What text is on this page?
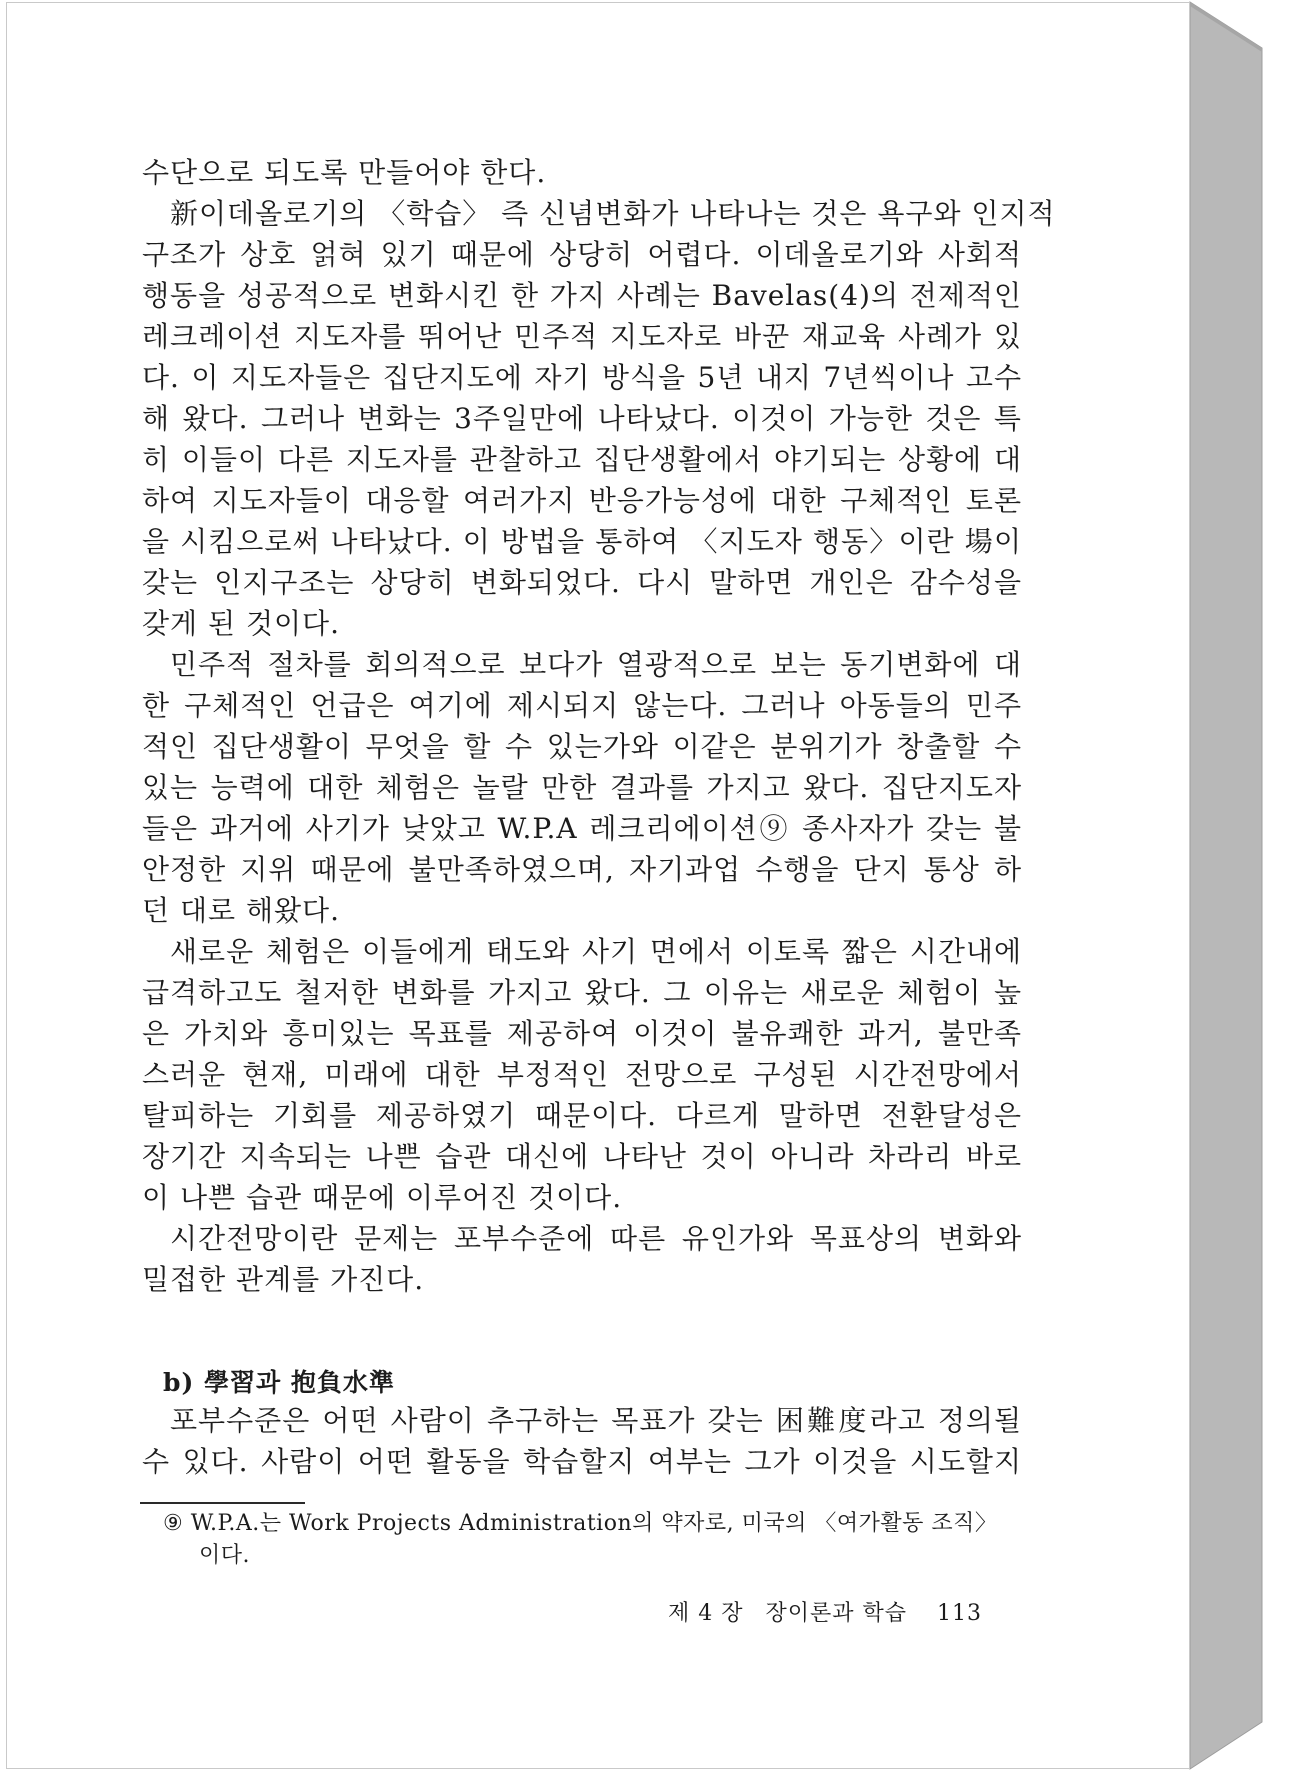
수단으로 되도록 만들어야 한다.
新이데올로기의 〈학습〉 즉 신념변화가 나타나는 것은 욕구와 인지적
구조가 상호 얽혀 있기 때문에 상당히 어렵다. 이데올로기와 사회적
행동을 성공적으로 변화시킨 한 가지 사례는 Bavelas(4)의 전제적인
레크레이션 지도자를 뛰어난 민주적 지도자로 바꾼 재교육 사례가 있
다. 이 지도자들은 집단지도에 자기 방식을 5년 내지 7년씩이나 고수
해 왔다. 그러나 변화는 3주일만에 나타났다. 이것이 가능한 것은 특
히 이들이 다른 지도자를 관찰하고 집단생활에서 야기되는 상황에 대
하여 지도자들이 대응할 여러가지 반응가능성에 대한 구체적인 토론
을 시킴으로써 나타났다. 이 방법을 통하여 〈지도자 행동〉이란 場이
갖는 인지구조는 상당히 변화되었다. 다시 말하면 개인은 감수성을
갖게 된 것이다.
민주적 절차를 회의적으로 보다가 열광적으로 보는 동기변화에 대
한 구체적인 언급은 여기에 제시되지 않는다. 그러나 아동들의 민주
적인 집단생활이 무엇을 할 수 있는가와 이같은 분위기가 창출할 수
있는 능력에 대한 체험은 놀랄 만한 결과를 가지고 왔다. 집단지도자
들은 과거에 사기가 낮았고 W.P.A 레크리에이션⑨ 종사자가 갖는 불
안정한 지위 때문에 불만족하였으며, 자기과업 수행을 단지 통상 하
던 대로 해왔다.
새로운 체험은 이들에게 태도와 사기 면에서 이토록 짧은 시간내에
급격하고도 철저한 변화를 가지고 왔다. 그 이유는 새로운 체험이 높
은 가치와 흥미있는 목표를 제공하여 이것이 불유쾌한 과거, 불만족
스러운 현재, 미래에 대한 부정적인 전망으로 구성된 시간전망에서
탈피하는 기회를 제공하였기 때문이다. 다르게 말하면 전환달성은
장기간 지속되는 나쁜 습관 대신에 나타난 것이 아니라 차라리 바로
이 나쁜 습관 때문에 이루어진 것이다.
시간전망이란 문제는 포부수준에 따른 유인가와 목표상의 변화와
밀접한 관계를 가진다.
b) 學習과 抱負水準
포부수준은 어떤 사람이 추구하는 목표가 갖는 困難度라고 정의될
수 있다. 사람이 어떤 활동을 학습할지 여부는 그가 이것을 시도할지
⑨ W.P.A.는 Work Projects Administration의 약자로, 미국의 〈여가활동 조직〉
이다.
제 4 장 장이론과 학습 113
